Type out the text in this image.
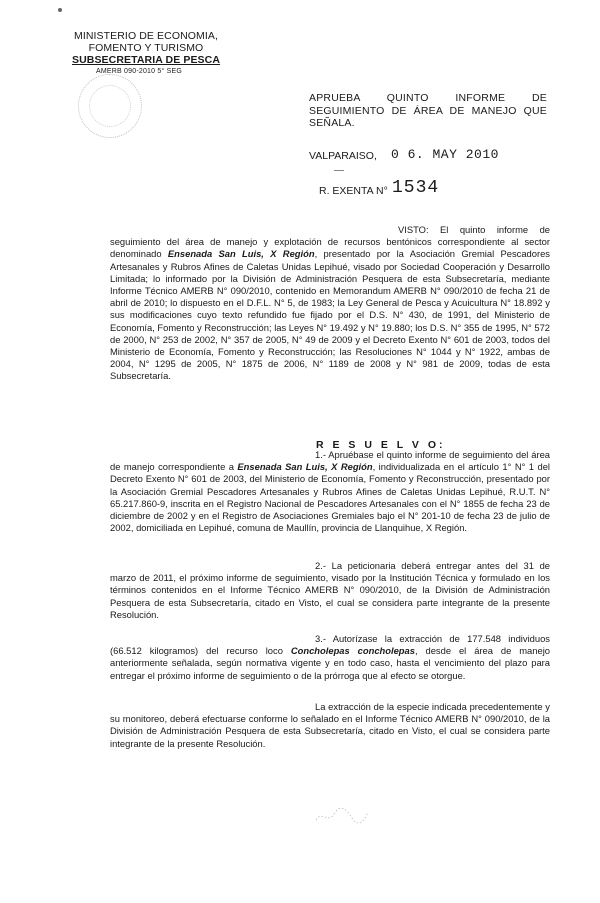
MINISTERIO DE ECONOMIA,
FOMENTO Y TURISMO
SUBSECRETARIA DE PESCA
AMERB 090-2010 5° SEG
APRUEBA QUINTO INFORME DE SEGUIMIENTO DE ÁREA DE MANEJO QUE SEÑALA.
VALPARAISO, 0 6. MAY 2010
R. EXENTA N° 1534
VISTO: El quinto informe de seguimiento del área de manejo y explotación de recursos bentónicos correspondiente al sector denominado Ensenada San Luis, X Región, presentado por la Asociación Gremial Pescadores Artesanales y Rubros Afines de Caletas Unidas Lepihué, visado por Sociedad Cooperación y Desarrollo Limitada; lo informado por la División de Administración Pesquera de esta Subsecretaría, mediante Informe Técnico AMERB N° 090/2010, contenido en Memorandum AMERB N° 090/2010 de fecha 21 de abril de 2010; lo dispuesto en el D.F.L. N° 5, de 1983; la Ley General de Pesca y Acuicultura N° 18.892 y sus modificaciones cuyo texto refundido fue fijado por el D.S. N° 430, de 1991, del Ministerio de Economía, Fomento y Reconstrucción; las Leyes N° 19.492 y N° 19.880; los D.S. N° 355 de 1995, N° 572 de 2000, N° 253 de 2002, N° 357 de 2005, N° 49 de 2009 y el Decreto Exento N° 601 de 2003, todos del Ministerio de Economía, Fomento y Reconstrucción; las Resoluciones N° 1044 y N° 1922, ambas de 2004, N° 1295 de 2005, N° 1875 de 2006, N° 1189 de 2008 y N° 981 de 2009, todas de esta Subsecretaría.
R E S U E L V O:
1.- Apruébase el quinto informe de seguimiento del área de manejo correspondiente a Ensenada San Luis, X Región, individualizada en el artículo 1° N° 1 del Decreto Exento N° 601 de 2003, del Ministerio de Economía, Fomento y Reconstrucción, presentado por la Asociación Gremial Pescadores Artesanales y Rubros Afines de Caletas Unidas Lepihué, R.U.T. N° 65.217.860-9, inscrita en el Registro Nacional de Pescadores Artesanales con el N° 1855 de fecha 23 de diciembre de 2002 y en el Registro de Asociaciones Gremiales bajo el N° 201-10 de fecha 23 de julio de 2002, domiciliada en Lepihué, comuna de Maullín, provincia de Llanquihue, X Región.
2.- La peticionaria deberá entregar antes del 31 de marzo de 2011, el próximo informe de seguimiento, visado por la Institución Técnica y formulado en los términos contenidos en el Informe Técnico AMERB N° 090/2010, de la División de Administración Pesquera de esta Subsecretaría, citado en Visto, el cual se considera parte integrante de la presente Resolución.
3.- Autorízase la extracción de 177.548 individuos (66.512 kilogramos) del recurso loco Concholepas concholepas, desde el área de manejo anteriormente señalada, según normativa vigente y en todo caso, hasta el vencimiento del plazo para entregar el próximo informe de seguimiento o de la prórroga que al efecto se otorgue.
La extracción de la especie indicada precedentemente y su monitoreo, deberá efectuarse conforme lo señalado en el Informe Técnico AMERB N° 090/2010, de la División de Administración Pesquera de esta Subsecretaría, citado en Visto, el cual se considera parte integrante de la presente Resolución.
